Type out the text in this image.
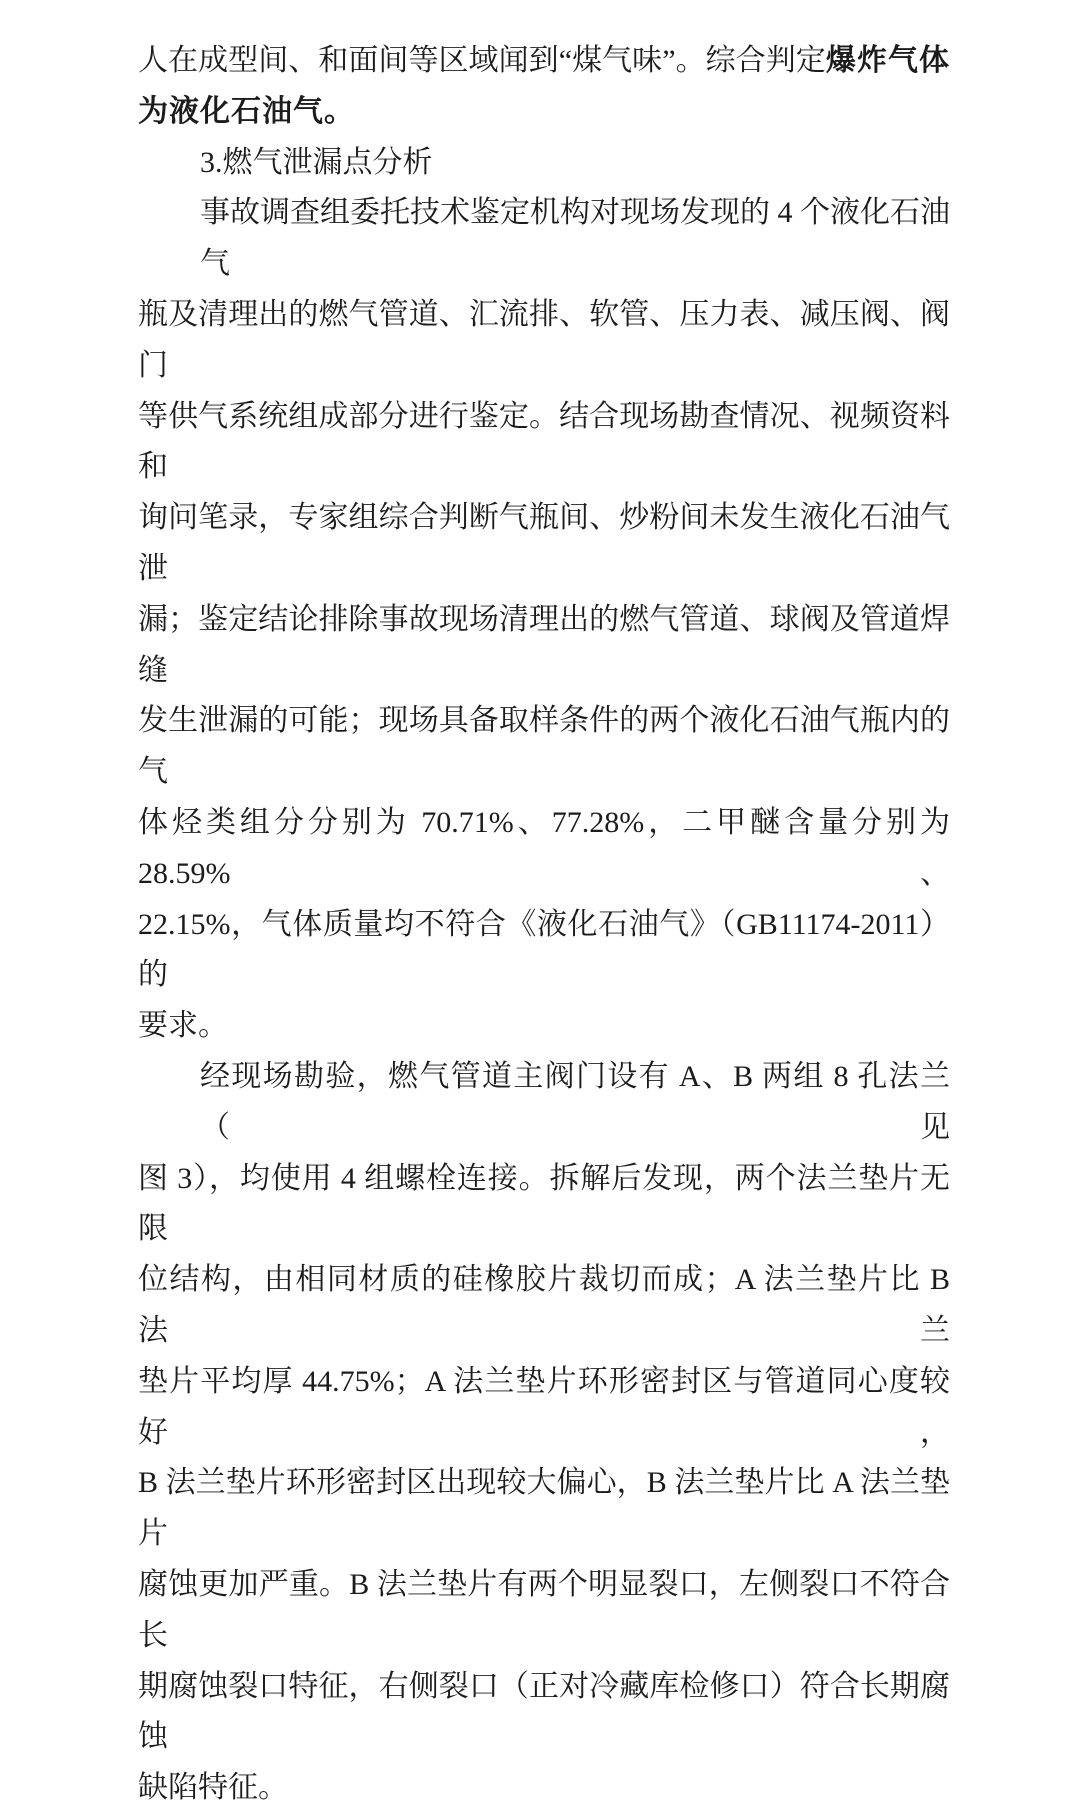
人在成型间、和面间等区域闻到“煤气味”。综合判定爆炸气体
为液化石油气。
3.燃气泄漏点分析
事故调查组委托技术鉴定机构对现场发现的 4 个液化石油气
瓶及清理出的燃气管道、汇流排、软管、压力表、减压阀、阀门
等供气系统组成部分进行鉴定。结合现场勘查情况、视频资料和
询问笔录，专家组综合判断气瓶间、炒粉间未发生液化石油气泄
漏；鉴定结论排除事故现场清理出的燃气管道、球阀及管道焊缝
发生泄漏的可能；现场具备取样条件的两个液化石油气瓶内的气
体烃类组分分别为 70.71%、77.28%，二甲醚含量分别为 28.59%、
22.15%，气体质量均不符合《液化石油气》（GB11174-2011）的
要求。
经现场勘验，燃气管道主阀门设有 A、B 两组 8 孔法兰（见
图 3），均使用 4 组螺栓连接。拆解后发现，两个法兰垫片无限
位结构，由相同材质的硅橡胶片裁切而成；A 法兰垫片比 B 法兰
垫片平均厚 44.75%；A 法兰垫片环形密封区与管道同心度较好，
B 法兰垫片环形密封区出现较大偏心，B 法兰垫片比 A 法兰垫片
腐蚀更加严重。B 法兰垫片有两个明显裂口，左侧裂口不符合长
期腐蚀裂口特征，右侧裂口（正对冷藏库检修口）符合长期腐蚀
缺陷特征。
